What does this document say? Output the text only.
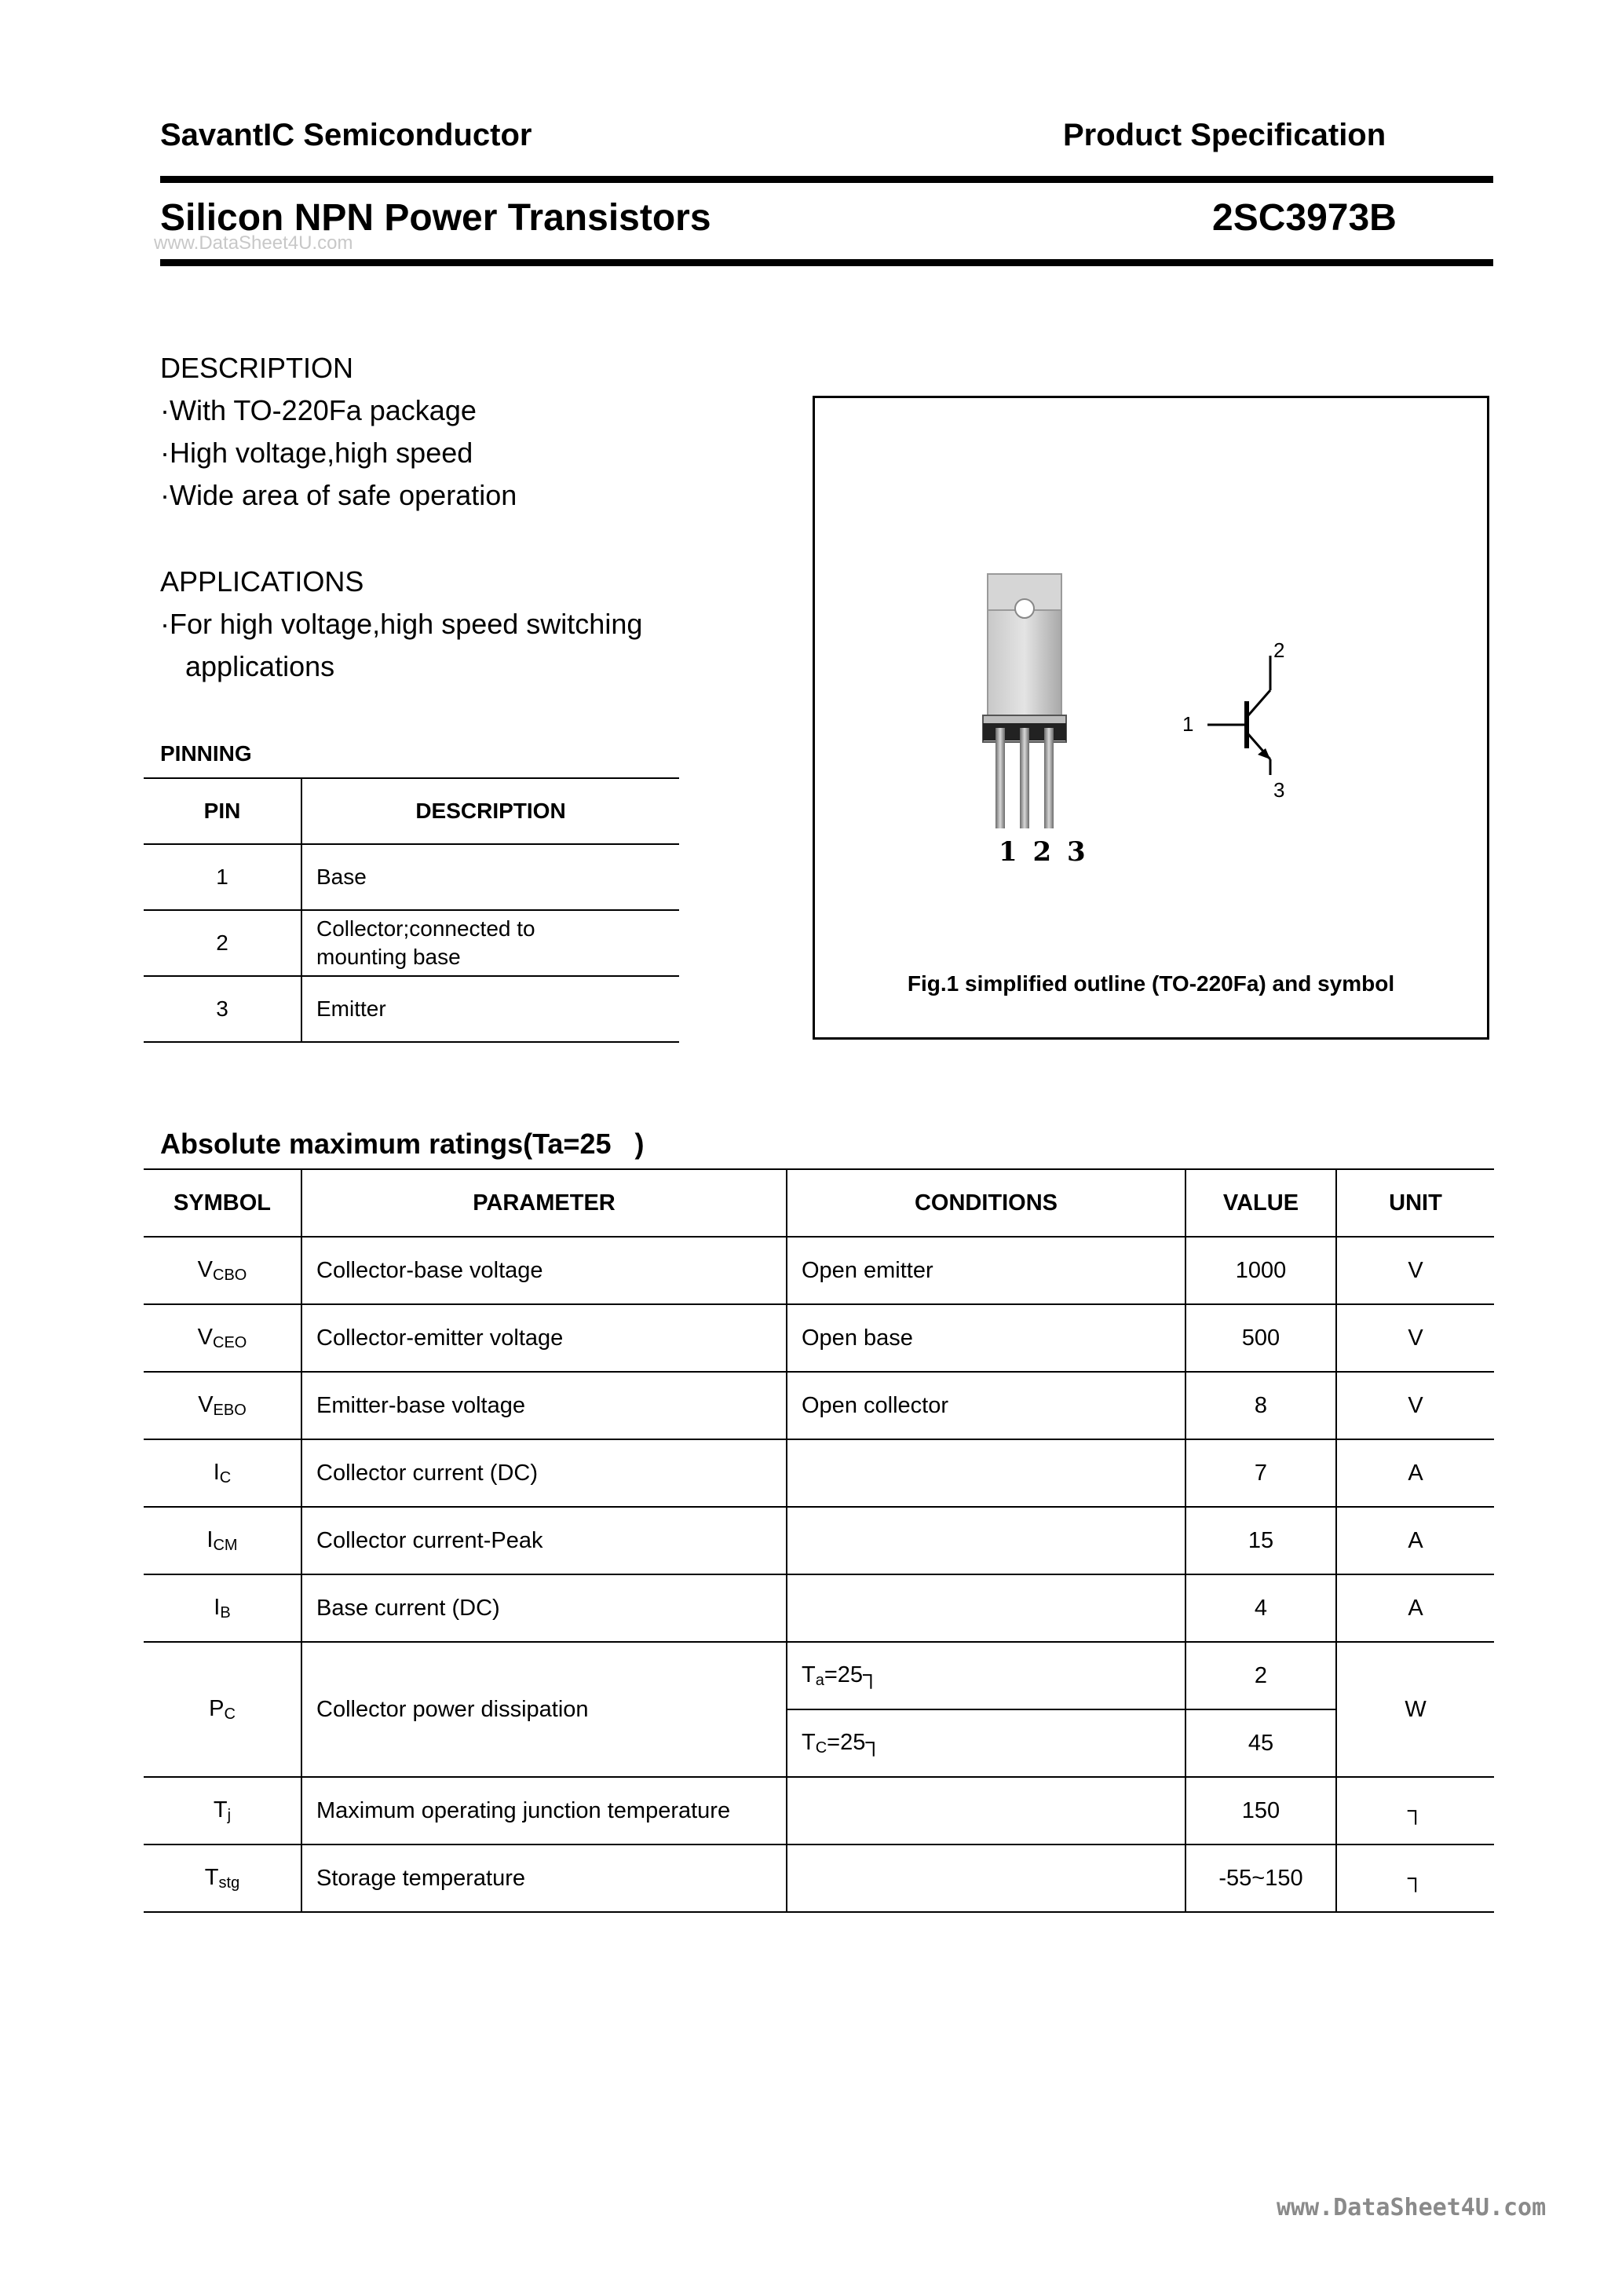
SavantIC Semiconductor	Product Specification
Silicon NPN Power Transistors	2SC3973B
www.DataSheet4U.com
DESCRIPTION
·With TO-220Fa package
·High voltage,high speed
·Wide area of safe operation
APPLICATIONS
·For high voltage,high speed switching
applications
PINNING
PIN	DESCRIPTION
1	Base
2	Collector;connected to
mounting base
3	Emitter
1 2 3
2
1
3
Fig.1 simplified outline (TO-220Fa) and symbol
Absolute maximum ratings(Ta=25   )
SYMBOL	PARAMETER	CONDITIONS	VALUE	UNIT
$V_{CBO}$	Collector-base voltage	Open emitter	1000	V
$V_{CEO}$	Collector-emitter voltage	Open base	500	V
$V_{EBO}$	Emitter-base voltage	Open collector	8	V
$I_C$	Collector current (DC)		7	A
$I_{CM}$	Collector current-Peak		15	A
$I_B$	Base current (DC)		4	A
$P_C$	Collector power dissipation	$T_a=25┐$	2	W
		$T_C=25┐$	45	
$T_j$	Maximum operating junction temperature		150	┐
$T_{stg}$	Storage temperature		-55~150	┐
www.DataSheet4U.com
